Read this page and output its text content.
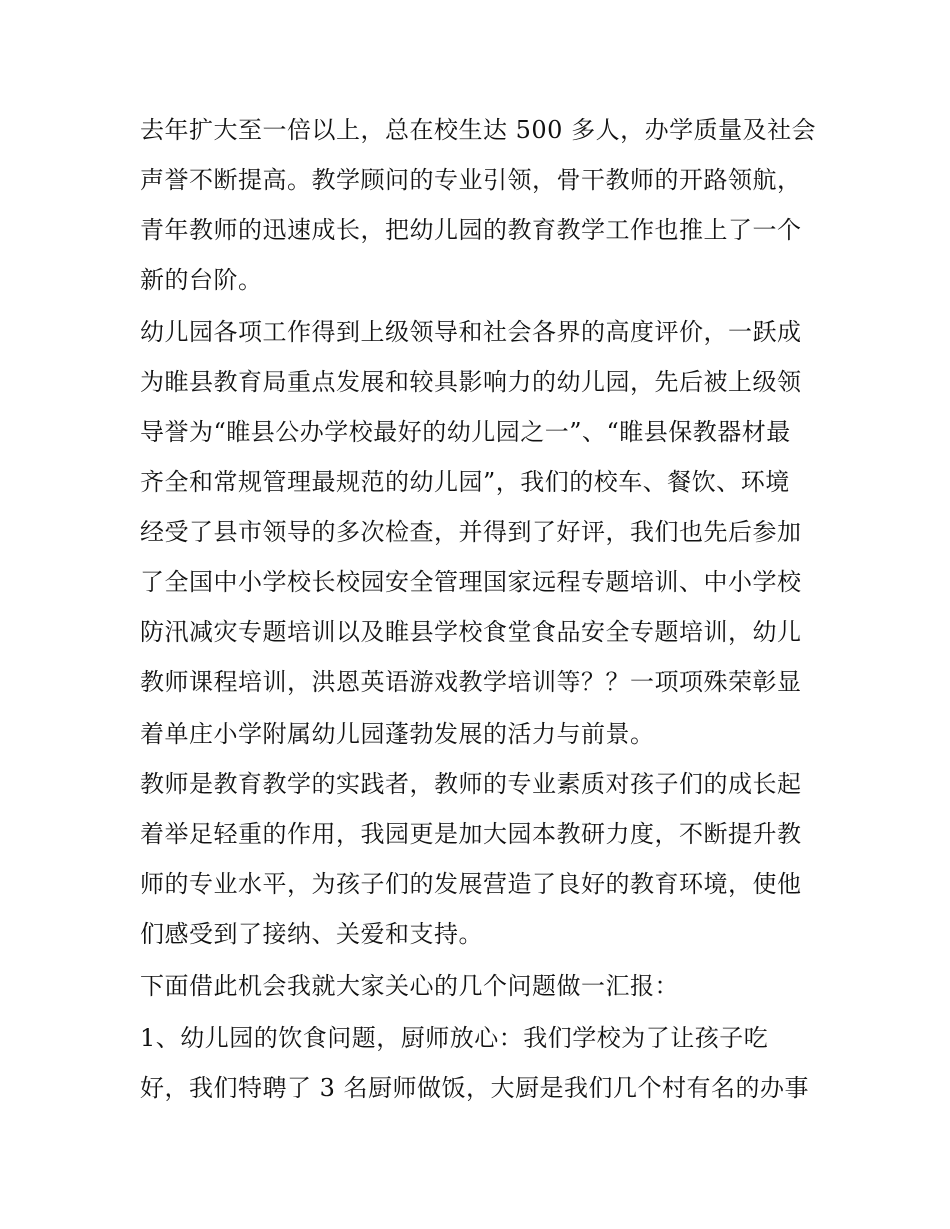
去年扩大至一倍以上，总在校生达 500 多人，办学质量及社会
声誉不断提高。教学顾问的专业引领，骨干教师的开路领航，
青年教师的迅速成长，把幼儿园的教育教学工作也推上了一个
新的台阶。
幼儿园各项工作得到上级领导和社会各界的高度评价，一跃成
为睢县教育局重点发展和较具影响力的幼儿园，先后被上级领
导誉为“睢县公办学校最好的幼儿园之一”、“睢县保教器材最
齐全和常规管理最规范的幼儿园”，我们的校车、餐饮、环境
经受了县市领导的多次检查，并得到了好评，我们也先后参加
了全国中小学校长校园安全管理国家远程专题培训、中小学校
防汛减灾专题培训以及睢县学校食堂食品安全专题培训，幼儿
教师课程培训，洪恩英语游戏教学培训等？？一项项殊荣彰显
着单庄小学附属幼儿园蓬勃发展的活力与前景。
教师是教育教学的实践者，教师的专业素质对孩子们的成长起
着举足轻重的作用，我园更是加大园本教研力度，不断提升教
师的专业水平，为孩子们的发展营造了良好的教育环境，使他
们感受到了接纳、关爱和支持。
下面借此机会我就大家关心的几个问题做一汇报：
1、幼儿园的饮食问题，厨师放心：我们学校为了让孩子吃
好，我们特聘了 3 名厨师做饭，大厨是我们几个村有名的办事
